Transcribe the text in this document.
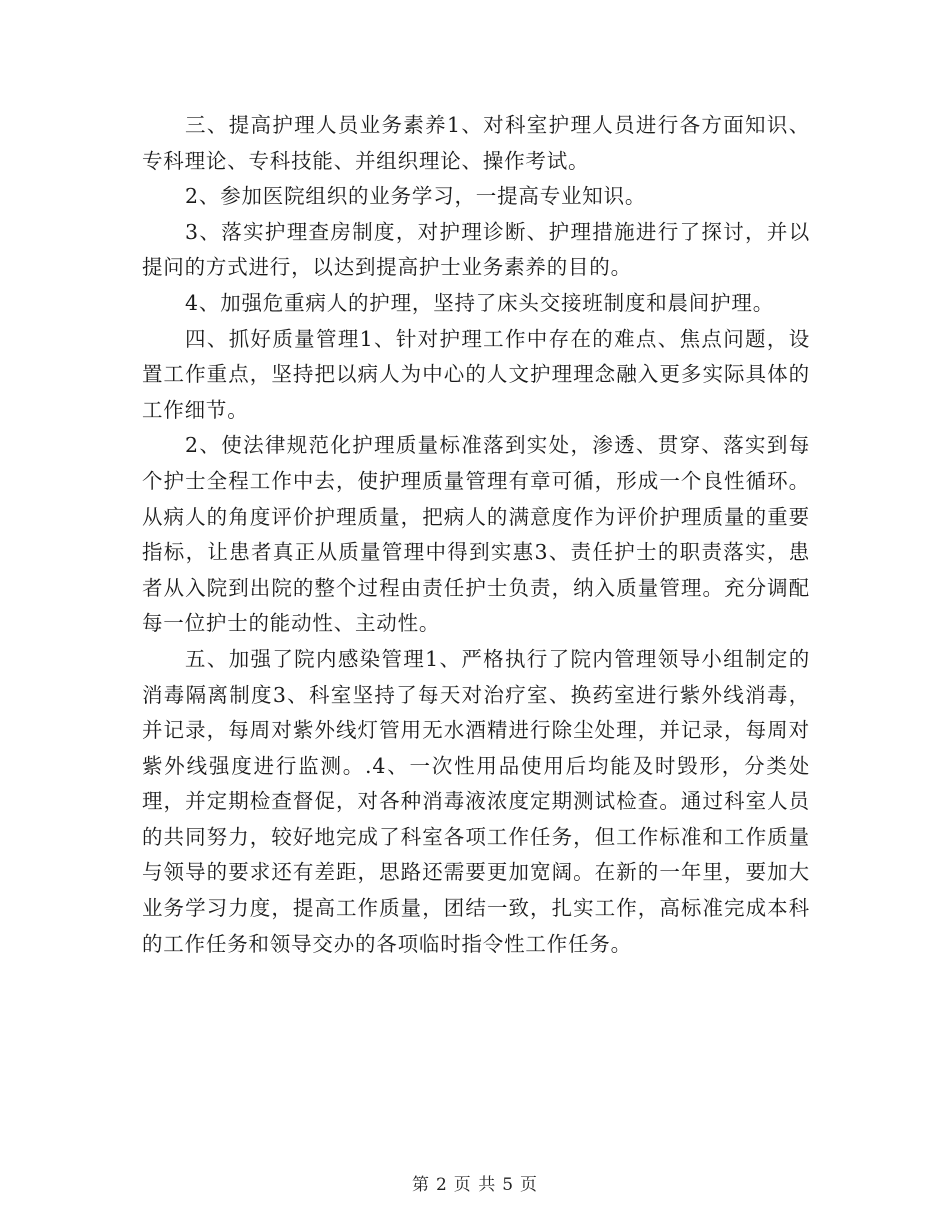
三、提高护理人员业务素养1、对科室护理人员进行各方面知识、专科理论、专科技能、并组织理论、操作考试。

2、参加医院组织的业务学习，一提高专业知识。

3、落实护理查房制度，对护理诊断、护理措施进行了探讨，并以提问的方式进行，以达到提高护士业务素养的目的。

4、加强危重病人的护理，坚持了床头交接班制度和晨间护理。

四、抓好质量管理1、针对护理工作中存在的难点、焦点问题，设置工作重点，坚持把以病人为中心的人文护理理念融入更多实际具体的工作细节。

2、使法律规范化护理质量标准落到实处，渗透、贯穿、落实到每个护士全程工作中去，使护理质量管理有章可循，形成一个良性循环。从病人的角度评价护理质量，把病人的满意度作为评价护理质量的重要指标，让患者真正从质量管理中得到实惠3、责任护士的职责落实，患者从入院到出院的整个过程由责任护士负责，纳入质量管理。充分调配每一位护士的能动性、主动性。

五、加强了院内感染管理1、严格执行了院内管理领导小组制定的消毒隔离制度3、科室坚持了每天对治疗室、换药室进行紫外线消毒，并记录，每周对紫外线灯管用无水酒精进行除尘处理，并记录，每周对紫外线强度进行监测。.4、一次性用品使用后均能及时毁形，分类处理，并定期检查督促，对各种消毒液浓度定期测试检查。通过科室人员的共同努力，较好地完成了科室各项工作任务，但工作标准和工作质量与领导的要求还有差距，思路还需要更加宽阔。在新的一年里，要加大业务学习力度，提高工作质量，团结一致，扎实工作，高标准完成本科的工作任务和领导交办的各项临时指令性工作任务。

第 2 页 共 5 页
